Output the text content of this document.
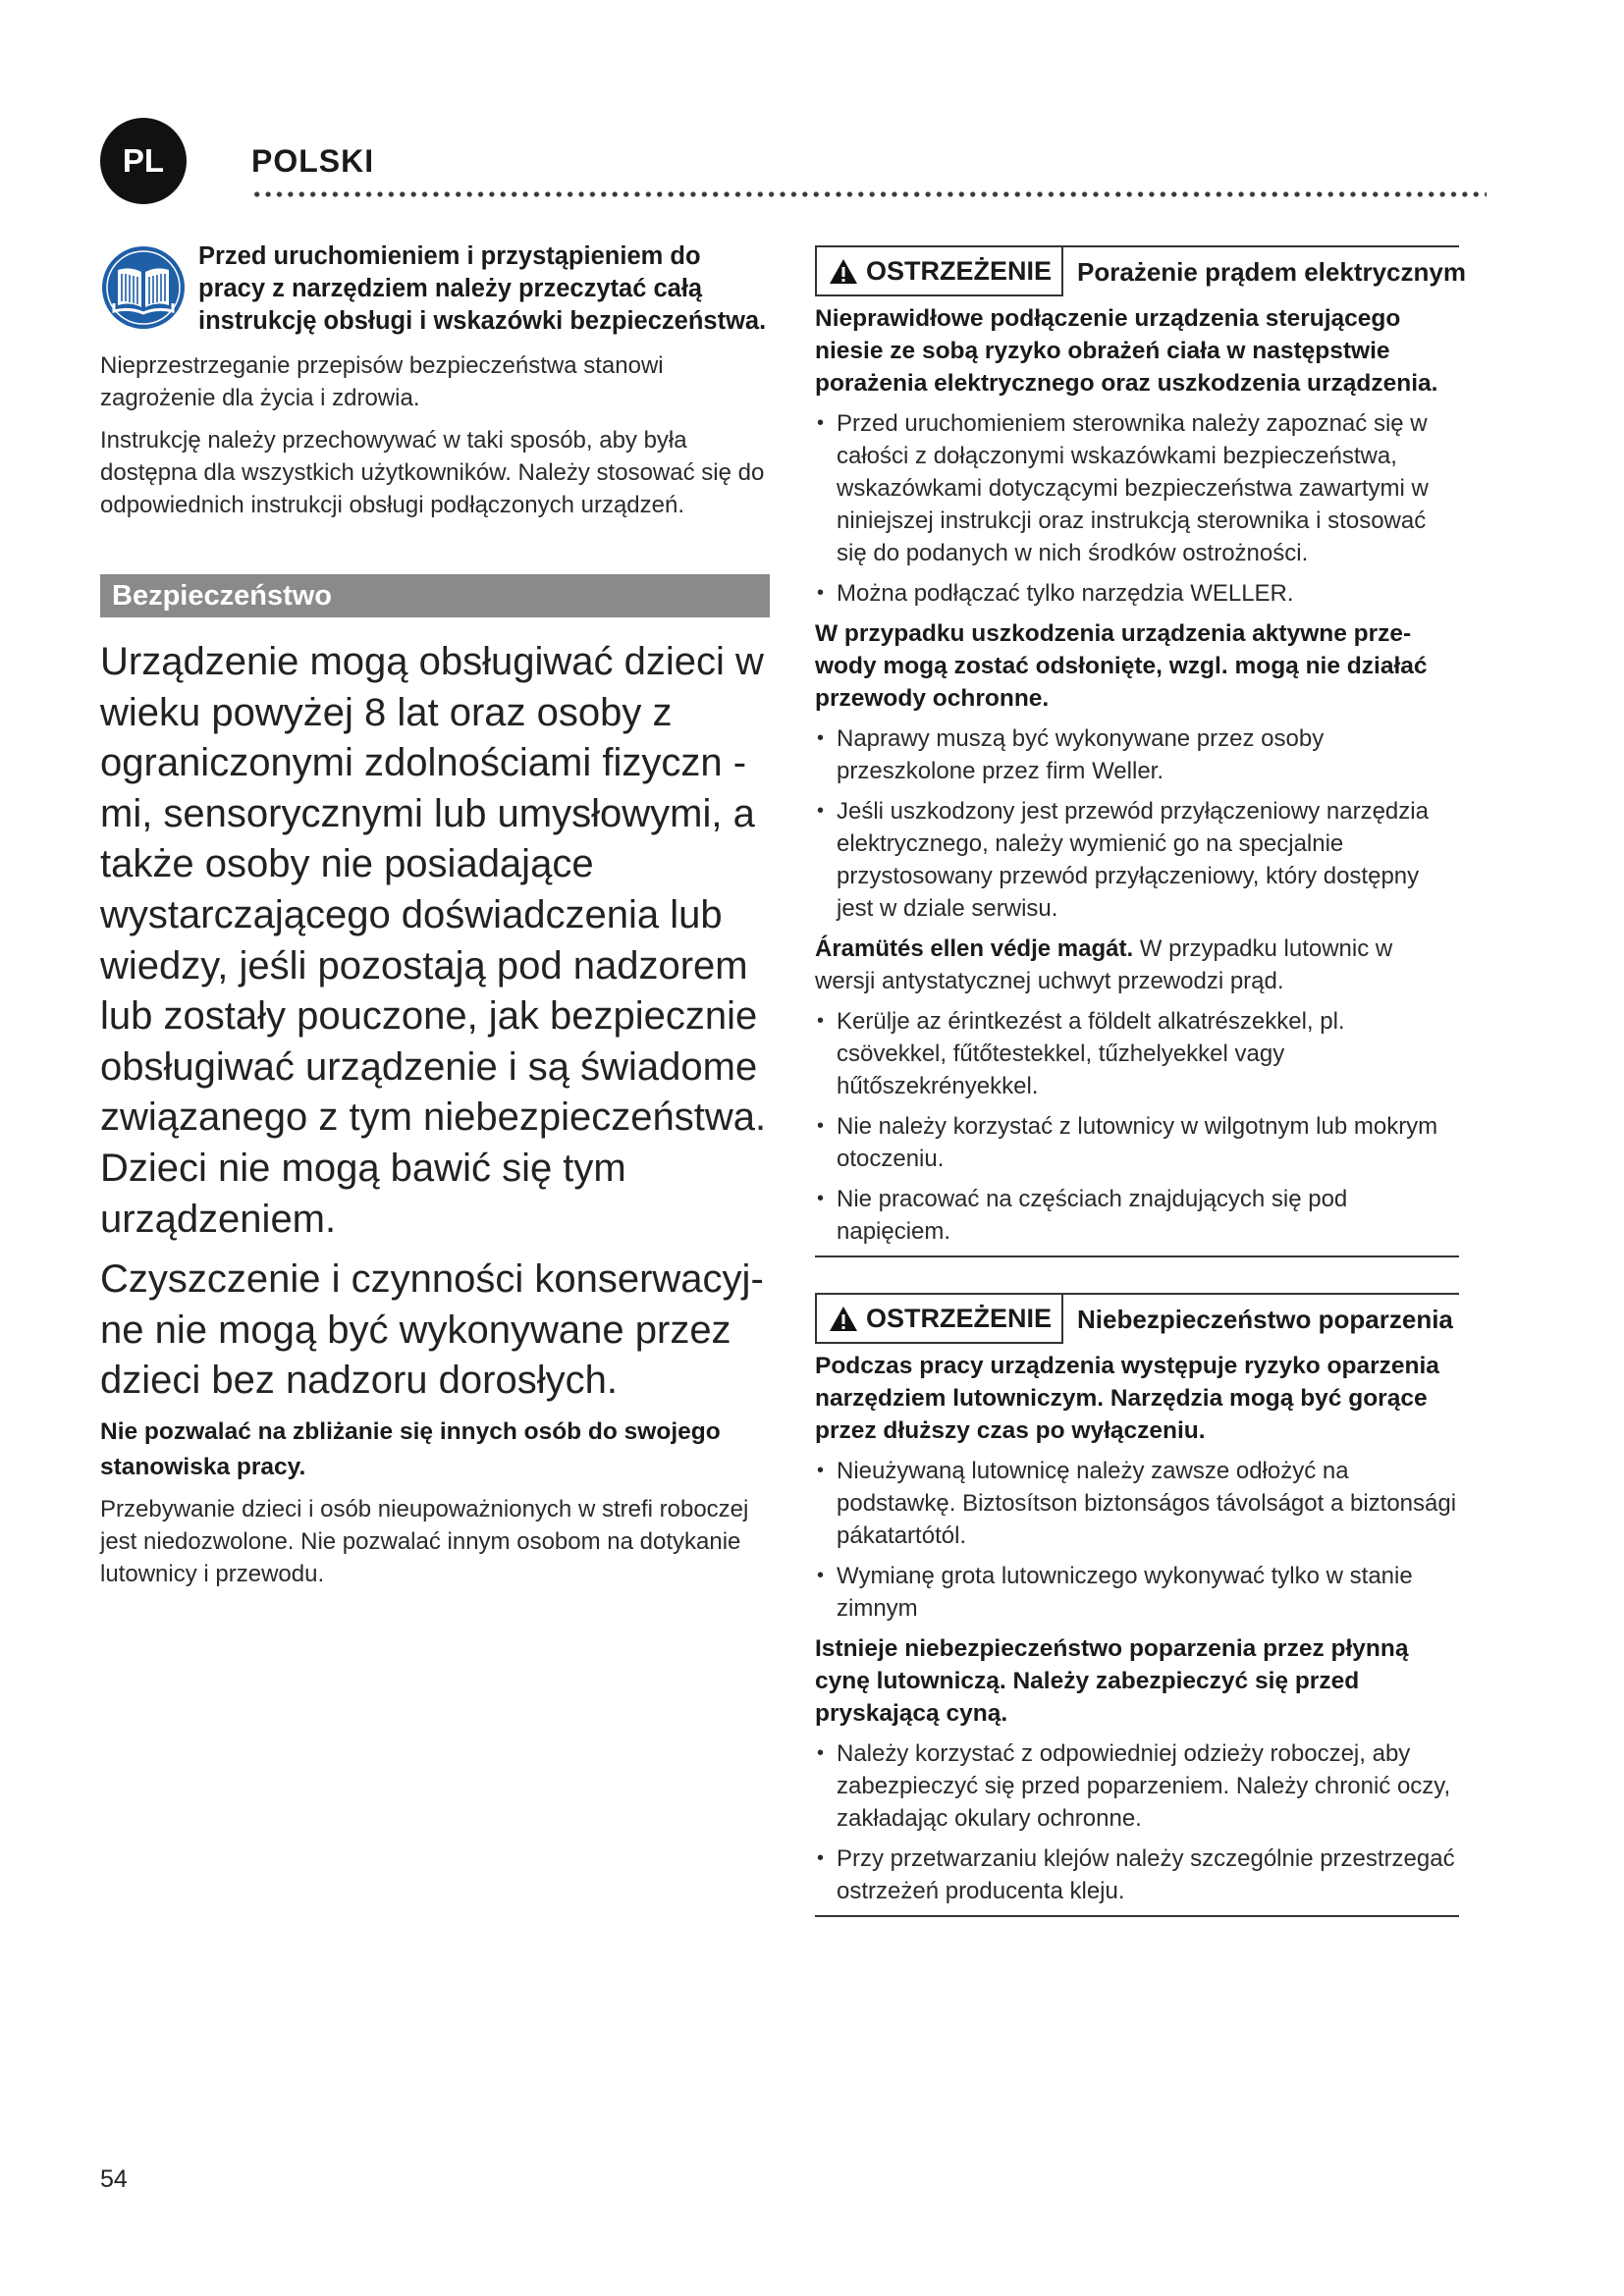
PL	POLSKI
Przed uruchomieniem i przystąpieniem do pracy z narzędziem należy przeczytać całą instrukcję obsługi i wskazówki bezpieczeństwa.
Nieprzestrzeganie przepisów bezpieczeństwa stanowi zagrożenie dla życia i zdrowia.
Instrukcję należy przechowywać w taki sposób, aby była dostępna dla wszystkich użytkowników. Należy stosować się do odpowiednich instrukcji obsługi podłączonych urządzeń.
Bezpieczeństwo
Urządzenie mogą obsługiwać dzieci w wieku powyżej 8 lat oraz osoby z ograniczonymi zdolnościami fizyczn - mi, sensorycznymi lub umysłowymi, a także osoby nie posiadające wystarczającego doświadczenia lub wiedzy, jeśli pozostają pod nadzorem lub zostały pouczone, jak bezpiecznie obsługiwać urządzenie i są świadome związanego z tym niebezpieczeństwa. Dzieci nie mogą bawić się tym urządzeniem.
Czyszczenie i czynności konserwacyj- ne nie mogą być wykonywane przez dzieci bez nadzoru dorosłych.
Nie pozwalać na zbliżanie się innych osób do swojego stanowiska pracy.
Przebywanie dzieci i osób nieupoważnionych w strefi roboczej jest niedozwolone. Nie pozwalać innym osobom na dotykanie lutownicy i przewodu.
OSTRZEŻENIE	Porażenie prądem elektrycznym
Nieprawidłowe podłączenie urządzenia sterującego niesie ze sobą ryzyko obrażeń ciała w następstwie porażenia elektrycznego oraz uszkodzenia urządzenia.
• Przed uruchomieniem sterownika należy zapoznać się w całości z dołączonymi wskazówkami bezpieczeństwa, wskazówkami dotyczącymi bezpieczeństwa zawartymi w niniejszej instrukcji oraz instrukcją sterownika i stosować się do podanych w nich środków ostrożności.
• Można podłączać tylko narzędzia WELLER.
W przypadku uszkodzenia urządzenia aktywne prze- wody mogą zostać odsłonięte, wzgl. mogą nie działać przewody ochronne.
• Naprawy muszą być wykonywane przez osoby przeszkolone przez firm Weller.
• Jeśli uszkodzony jest przewód przyłączeniowy narzędzia elektrycznego, należy wymienić go na specjalnie przystosowany przewód przyłączeniowy, który dostępny jest w dziale serwisu.
Áramütés ellen védje magát. W przypadku lutownic w wersji antystatycznej uchwyt przewodzi prąd.
• Kerülje az érintkezést a földelt alkatrészekkel, pl. csövekkel, fűtőtestekkel, tűzhelyekkel vagy hűtőszekrényekkel.
• Nie należy korzystać z lutownicy w wilgotnym lub mokrym otoczeniu.
• Nie pracować na częściach znajdujących się pod napięciem.
OSTRZEŻENIE	Niebezpieczeństwo poparzenia
Podczas pracy urządzenia występuje ryzyko oparzenia narzędziem lutowniczym. Narzędzia mogą być gorące przez dłuższy czas po wyłączeniu.
• Nieużywaną lutownicę należy zawsze odłożyć na podstawkę. Biztosítson biztonságos távolságot a biztonsági pákatartótól.
• Wymianę grota lutowniczego wykonywać tylko w stanie zimnym
Istnieje niebezpieczeństwo poparzenia przez płynną cynę lutowniczą. Należy zabezpieczyć się przed pryskającą cyną.
• Należy korzystać z odpowiedniej odzieży roboczej, aby zabezpieczyć się przed poparzeniem. Należy chronić oczy, zakładając okulary ochronne.
• Przy przetwarzaniu klejów należy szczególnie przestrzegać ostrzeżeń producenta kleju.
54
